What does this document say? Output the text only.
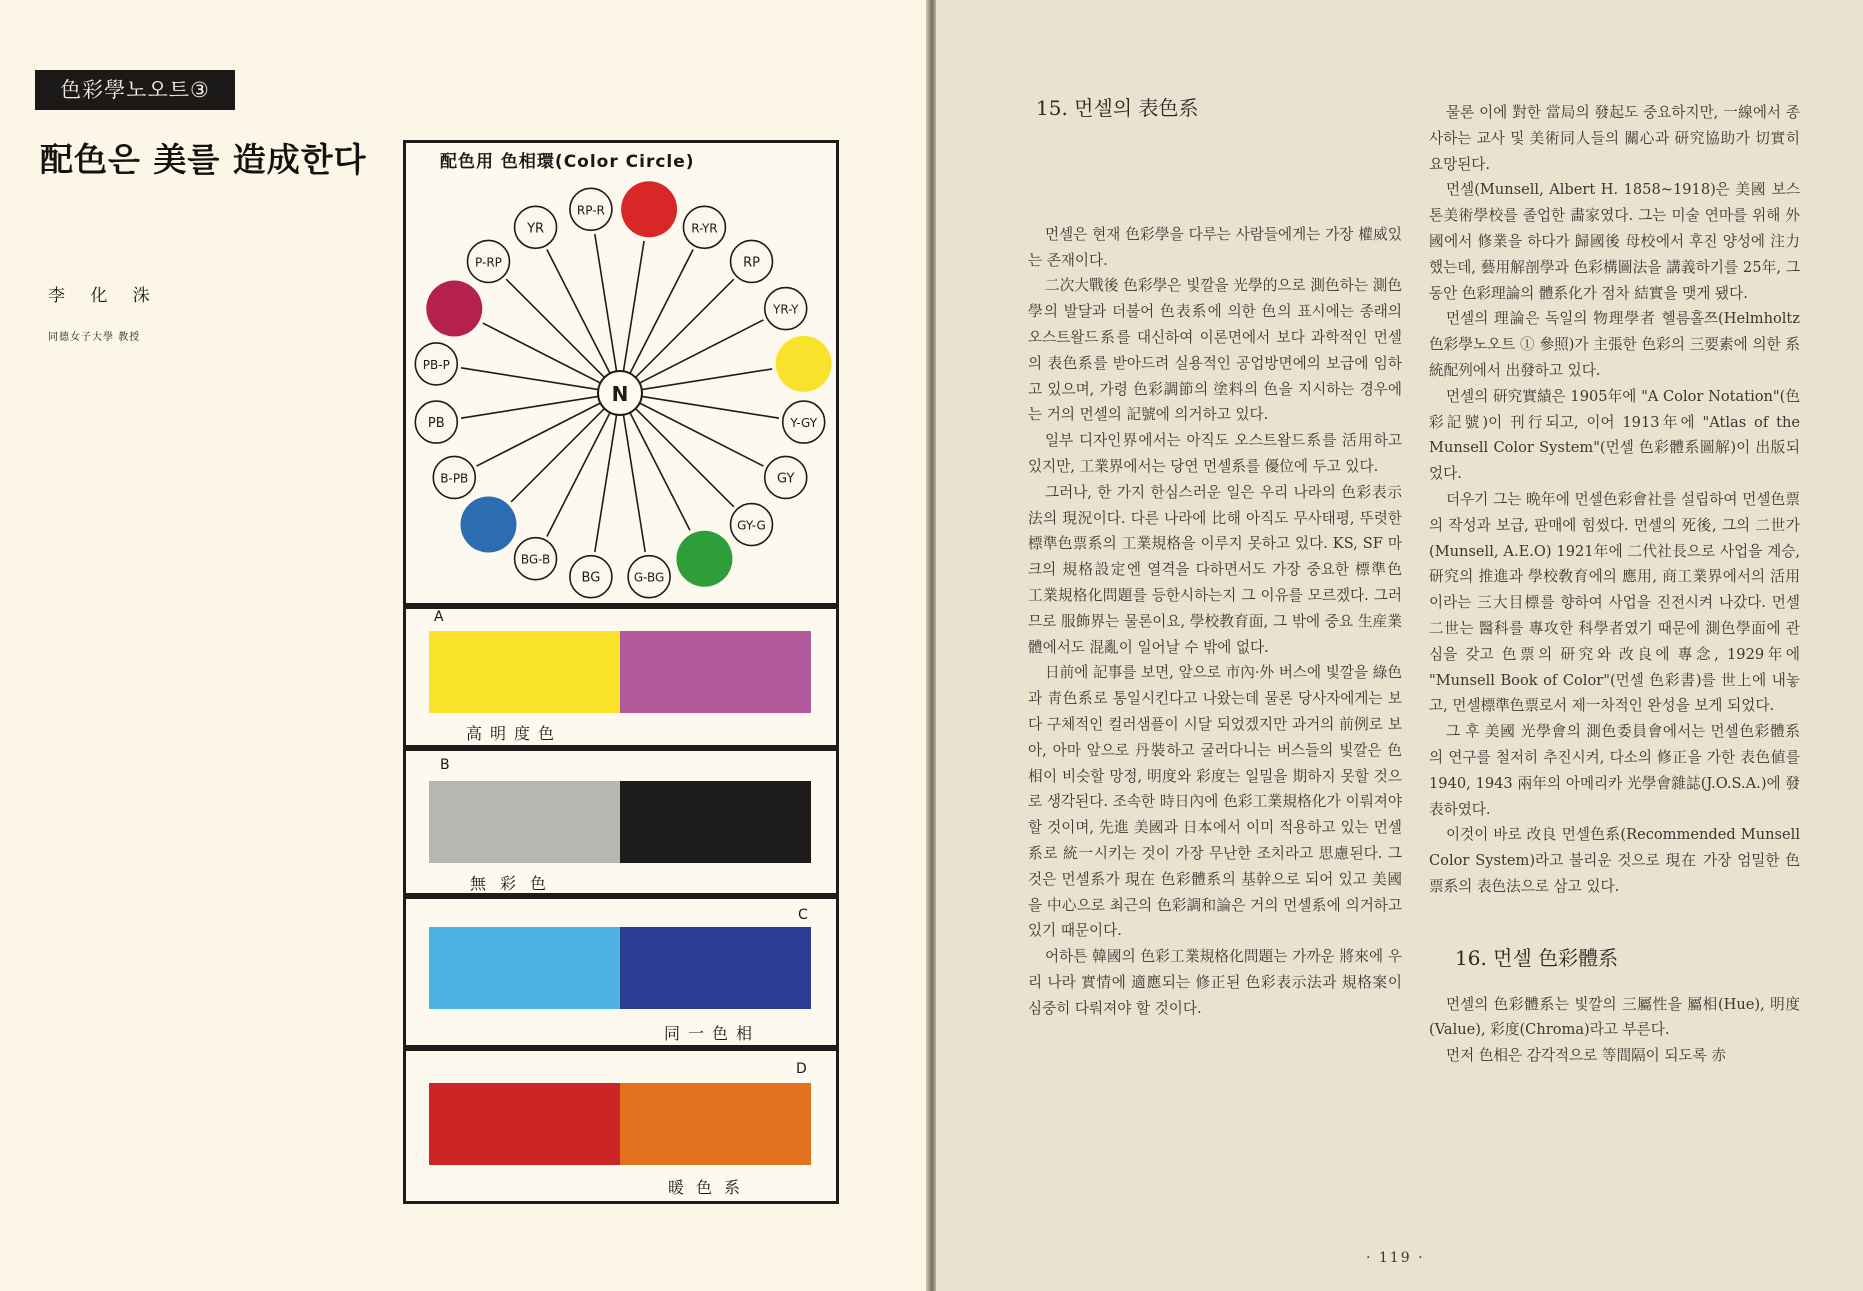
色彩學노오트③
配色은 美를 造成한다
李 化 洙
同德女子大學 教授
配色用 色相環(Color Circle)
RP-R
R-YR
RP
YR-Y
Y-GY
GY
GY-G
G-BG
BG
BG-B
B-PB
PB
PB-P
P-RP
YR
N
A
高明度色
B
無彩色
C
同一色相
D
暖色系

15. 먼셀의 表色系

먼셀은 현재 色彩學을 다루는 사람들에게는 가장 權威있는 존재이다.

二次大戰後 色彩學은 빛깔을 光學的으로 測色하는 測色學의 발달과 더불어 色表系에 의한 色의 표시에는 종래의 오스트왈드系를 대신하여 이론면에서 보다 과학적인 먼셀의 表色系를 받아드려 실용적인 공업방면에의 보급에 임하고 있으며, 가령 色彩調節의 塗料의 色을 지시하는 경우에는 거의 먼셀의 記號에 의거하고 있다.

일부 디자인界에서는 아직도 오스트왈드系를 活用하고 있지만, 工業界에서는 당연 먼셀系를 優位에 두고 있다.

그러나, 한 가지 한심스러운 일은 우리 나라의 色彩表示法의 現況이다. 다른 나라에 比해 아직도 무사태평, 뚜렷한 標準色票系의 工業規格을 이루지 못하고 있다. KS, SF 마크의 規格設定엔 열격을 다하면서도 가장 중요한 標準色 工業規格化問題를 등한시하는지 그 이유를 모르겠다. 그러므로 服飾界는 물론이요, 學校教育面, 그 밖에 중요 生産業體에서도 混亂이 일어날 수 밖에 없다.

日前에 記事를 보면, 앞으로 市內·外 버스에 빛깔을 綠色과 靑色系로 통일시킨다고 나왔는데 물론 당사자에게는 보다 구체적인 컬러샘플이 시달 되었겠지만 과거의 前例로 보아, 아마 앞으로 丹裝하고 굴러다니는 버스들의 빛깔은 色相이 비슷할 망정, 明度와 彩度는 일밀을 期하지 못할 것으로 생각된다. 조속한 時日內에 色彩工業規格化가 이뤄져야 할 것이며, 先進 美國과 日本에서 이미 적용하고 있는 먼셀系로 統一시키는 것이 가장 무난한 조치라고 思慮된다. 그것은 먼셀系가 現在 色彩體系의 基幹으로 되어 있고 美國을 中心으로 최근의 色彩調和論은 거의 먼셀系에 의거하고 있기 때문이다.

어하튼 韓國의 色彩工業規格化問題는 가까운 將來에 우리 나라 實情에 適應되는 修正된 色彩表示法과 規格案이 심중히 다뤄져야 할 것이다.

물론 이에 對한 當局의 發起도 중요하지만, 一線에서 종사하는 교사 및 美術同人들의 關心과 研究協助가 切實히 요망된다.

먼셀(Munsell, Albert H. 1858~1918)은 美國 보스톤美術學校를 졸업한 畵家였다. 그는 미술 연마를 위해 外國에서 修業을 하다가 歸國後 母校에서 후진 양성에 注力했는데, 藝用解剖學과 色彩構圖法을 講義하기를 25年, 그동안 色彩理論의 體系化가 점차 結實을 맺게 됐다.

먼셀의 理論은 독일의 物理學者 헬름홀쯔(Helmholtz 色彩學노오트 ① 參照)가 主張한 色彩의 三要素에 의한 系統配列에서 出發하고 있다.

먼셀의 研究實績은 1905年에 "A Color Notation"(色彩記號)이 刊行되고, 이어 1913年에 "Atlas of the Munsell Color System"(먼셀 色彩體系圖解)이 出版되었다.

더우기 그는 晩年에 먼셀色彩會社를 설립하여 먼셀色票의 작성과 보급, 판매에 힘썼다. 먼셀의 死後, 그의 二世가(Munsell, A.E.O) 1921年에 二代社長으로 사업을 계승, 研究의 推進과 學校敎育에의 應用, 商工業界에서의 活用이라는 三大目標를 향하여 사업을 진전시켜 나갔다. 먼셀二世는 醫科를 專攻한 科學者였기 때문에 測色學面에 관심을 갖고 色票의 研究와 改良에 專念, 1929年에 "Munsell Book of Color"(먼셀 色彩書)를 世上에 내놓고, 먼셀標準色票로서 제一차적인 완성을 보게 되었다.

그 후 美國 光學會의 測色委員會에서는 먼셀色彩體系의 연구를 철저히 추진시켜, 다소의 修正을 가한 表色値를 1940, 1943 兩年의 아메리카 光學會雜誌(J.O.S.A.)에 發表하였다.

이것이 바로 改良 먼셀色系(Recommended Munsell Color System)라고 불리운 것으로 現在 가장 엄밀한 色票系의 表色法으로 삼고 있다.

16. 먼셀 色彩體系

먼셀의 色彩體系는 빛깔의 三屬性을 屬相(Hue), 明度(Value), 彩度(Chroma)라고 부른다.

먼저 色相은 감각적으로 等間隔이 되도록 赤

· 119 ·
